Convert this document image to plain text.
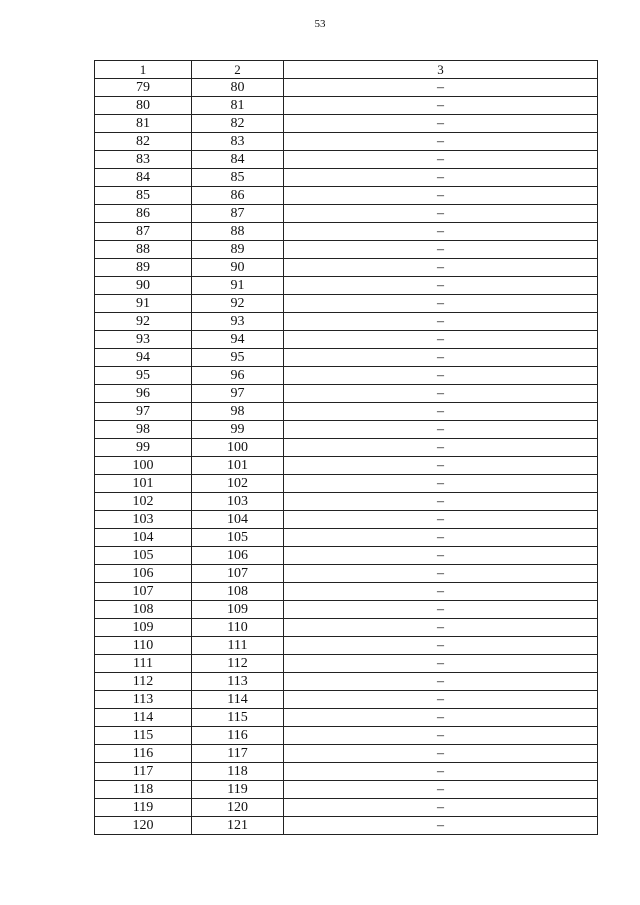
53
1	2	3
79	80	–
80	81	–
81	82	–
82	83	–
83	84	–
84	85	–
85	86	–
86	87	–
87	88	–
88	89	–
89	90	–
90	91	–
91	92	–
92	93	–
93	94	–
94	95	–
95	96	–
96	97	–
97	98	–
98	99	–
99	100	–
100	101	–
101	102	–
102	103	–
103	104	–
104	105	–
105	106	–
106	107	–
107	108	–
108	109	–
109	110	–
110	111	–
111	112	–
112	113	–
113	114	–
114	115	–
115	116	–
116	117	–
117	118	–
118	119	–
119	120	–
120	121	–
